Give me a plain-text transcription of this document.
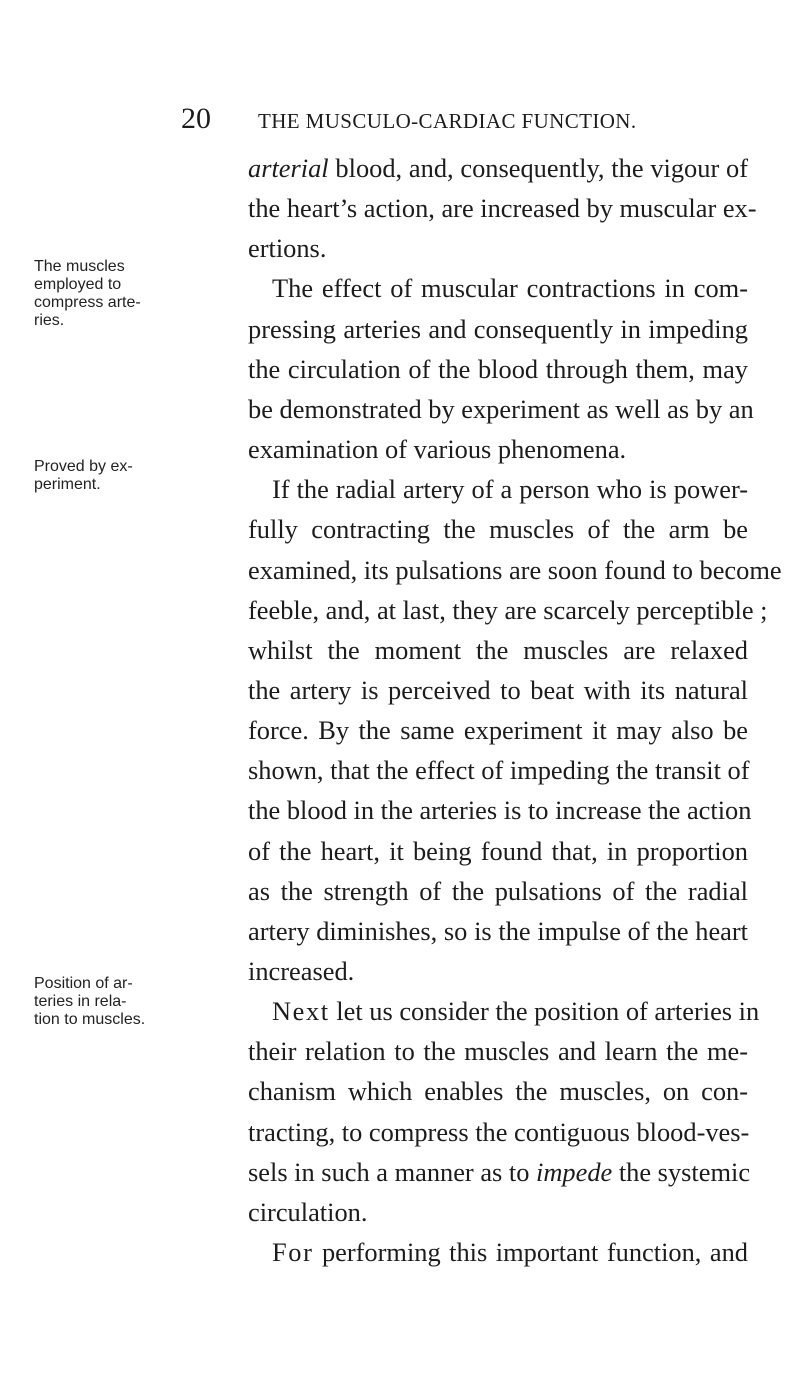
20 THE MUSCULO-CARDIAC FUNCTION.
The muscles
employed to
compress arte-
ries.
Proved by ex-
periment.
Position of ar-
teries in rela-
tion to muscles.
arterial blood, and, consequently, the vigour of
the heart’s action, are increased by muscular ex-
ertions.
The effect of muscular contractions in com-
pressing arteries and consequently in impeding
the circulation of the blood through them, may
be demonstrated by experiment as well as by an
examination of various phenomena.
If the radial artery of a person who is power-
fully contracting the muscles of the arm be
examined, its pulsations are soon found to become
feeble, and, at last, they are scarcely perceptible ;
whilst the moment the muscles are relaxed
the artery is perceived to beat with its natural
force. By the same experiment it may also be
shown, that the effect of impeding the transit of
the blood in the arteries is to increase the action
of the heart, it being found that, in proportion
as the strength of the pulsations of the radial
artery diminishes, so is the impulse of the heart
increased.
Next let us consider the position of arteries in
their relation to the muscles and learn the me-
chanism which enables the muscles, on con-
tracting, to compress the contiguous blood-ves-
sels in such a manner as to impede the systemic
circulation.
For performing this important function, and
